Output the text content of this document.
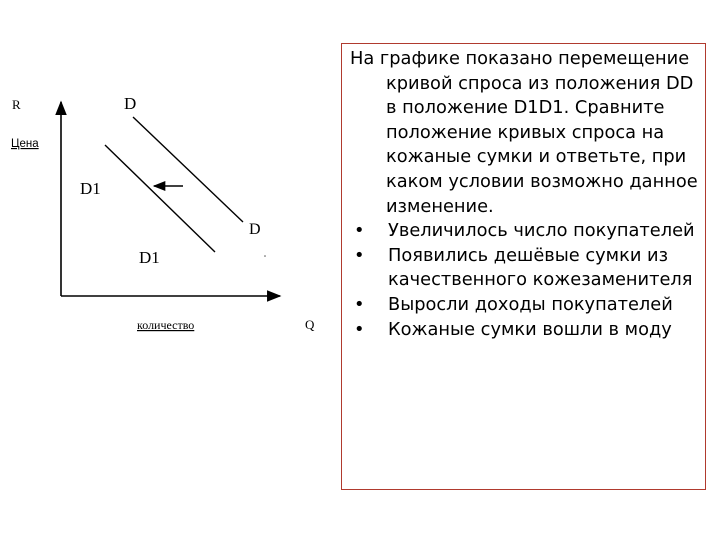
R
Цена
D
D1
D
D1
количество	Q

На графике показано перемещение кривой спроса из положения DD в положение D1D1. Сравните положение кривых спроса на кожаные сумки и ответьте, при каком условии возможно данное изменение.

• Увеличилось число покупателей
• Появились дешёвые сумки из качественного кожезаменителя
• Выросли доходы покупателей
• Кожаные сумки вошли в моду
